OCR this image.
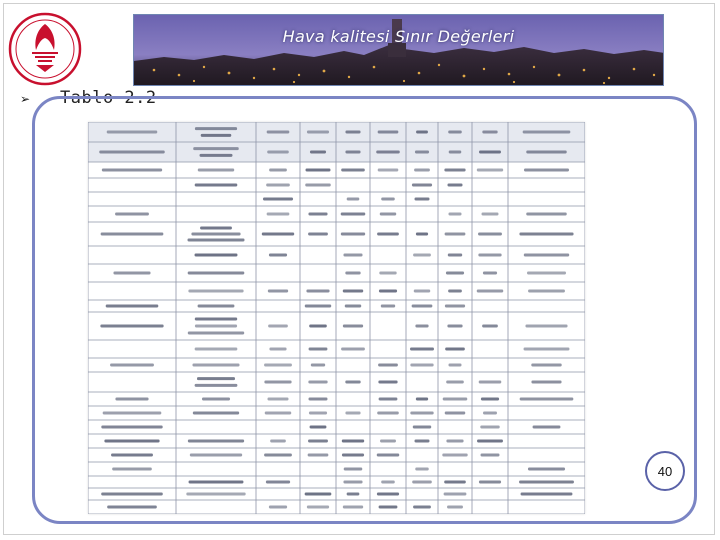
Hava kalitesi Sınır Değerleri
➢ Tablo 2.2
40
